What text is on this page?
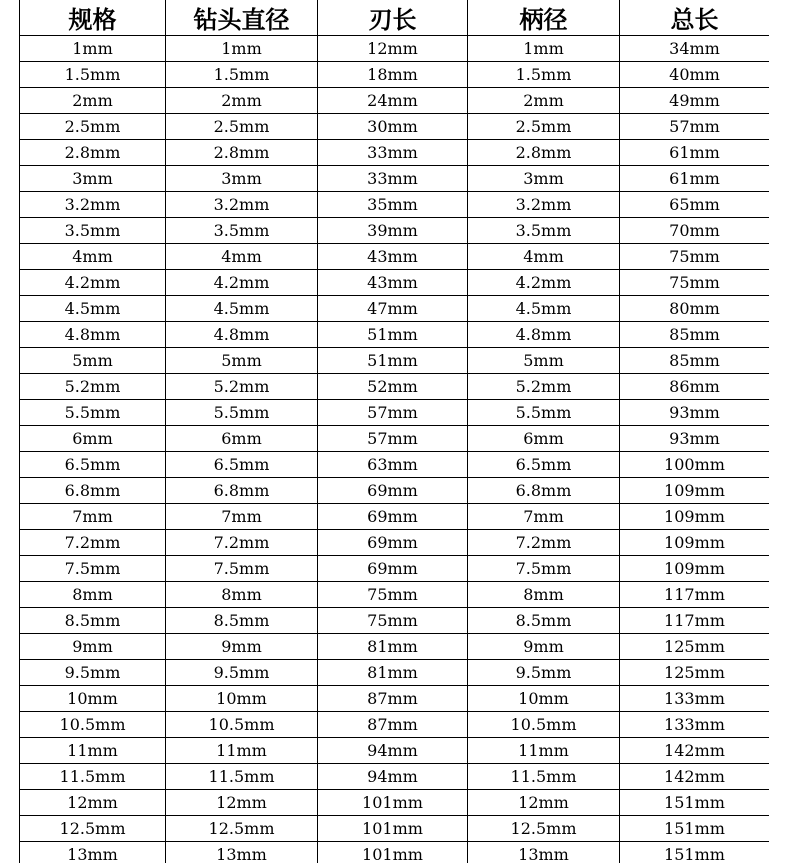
规格	钻头直径	刃长	柄径	总长
1mm	1mm	12mm	1mm	34mm
1.5mm	1.5mm	18mm	1.5mm	40mm
2mm	2mm	24mm	2mm	49mm
2.5mm	2.5mm	30mm	2.5mm	57mm
2.8mm	2.8mm	33mm	2.8mm	61mm
3mm	3mm	33mm	3mm	61mm
3.2mm	3.2mm	35mm	3.2mm	65mm
3.5mm	3.5mm	39mm	3.5mm	70mm
4mm	4mm	43mm	4mm	75mm
4.2mm	4.2mm	43mm	4.2mm	75mm
4.5mm	4.5mm	47mm	4.5mm	80mm
4.8mm	4.8mm	51mm	4.8mm	85mm
5mm	5mm	51mm	5mm	85mm
5.2mm	5.2mm	52mm	5.2mm	86mm
5.5mm	5.5mm	57mm	5.5mm	93mm
6mm	6mm	57mm	6mm	93mm
6.5mm	6.5mm	63mm	6.5mm	100mm
6.8mm	6.8mm	69mm	6.8mm	109mm
7mm	7mm	69mm	7mm	109mm
7.2mm	7.2mm	69mm	7.2mm	109mm
7.5mm	7.5mm	69mm	7.5mm	109mm
8mm	8mm	75mm	8mm	117mm
8.5mm	8.5mm	75mm	8.5mm	117mm
9mm	9mm	81mm	9mm	125mm
9.5mm	9.5mm	81mm	9.5mm	125mm
10mm	10mm	87mm	10mm	133mm
10.5mm	10.5mm	87mm	10.5mm	133mm
11mm	11mm	94mm	11mm	142mm
11.5mm	11.5mm	94mm	11.5mm	142mm
12mm	12mm	101mm	12mm	151mm
12.5mm	12.5mm	101mm	12.5mm	151mm
13mm	13mm	101mm	13mm	151mm
